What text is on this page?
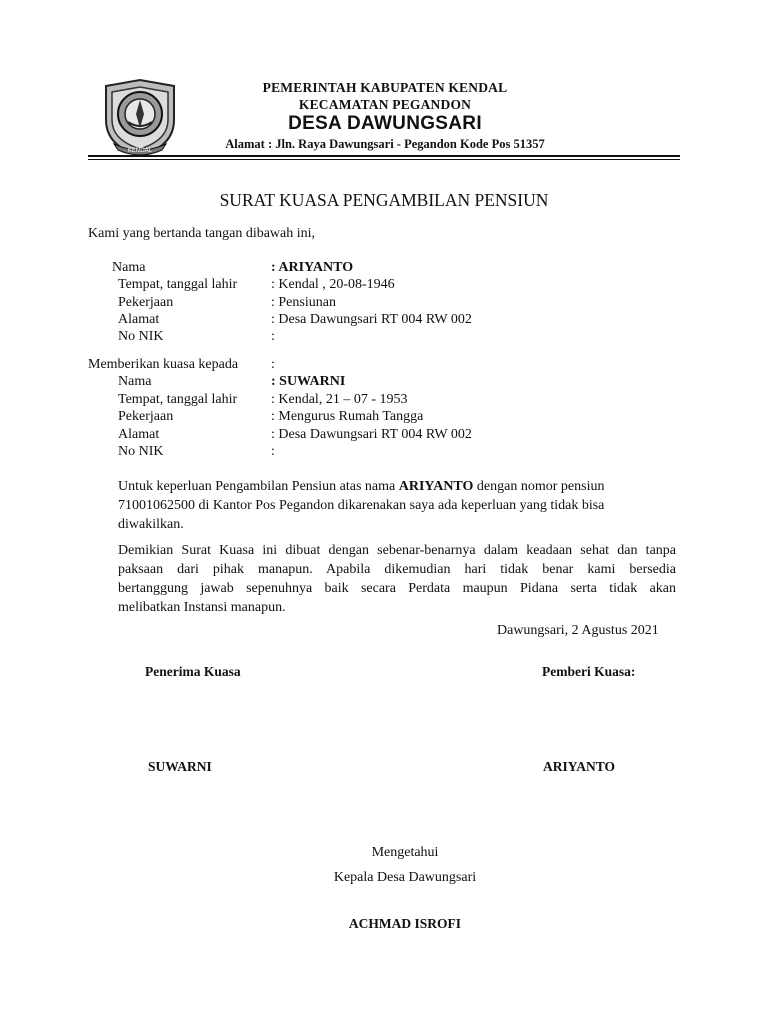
KENDAL
PEMERINTAH KABUPATEN KENDAL
KECAMATAN PEGANDON
DESA DAWUNGSARI
Alamat : Jln. Raya Dawungsari - Pegandon Kode Pos 51357
SURAT KUASA PENGAMBILAN PENSIUN
Kami yang bertanda tangan dibawah ini,
Nama	: ARIYANTO
Tempat, tanggal lahir : Kendal , 20-08-1946
Pekerjaan	: Pensiunan
Alamat	: Desa Dawungsari RT 004 RW 002
No NIK	:
Memberikan kuasa kepada :
Nama	: SUWARNI
Tempat, tanggal lahir : Kendal, 21 – 07 - 1953
Pekerjaan	: Mengurus Rumah Tangga
Alamat	: Desa Dawungsari RT 004 RW 002
No NIK	:
Untuk keperluan Pengambilan Pensiun atas nama ARIYANTO dengan nomor pensiun
71001062500 di Kantor Pos Pegandon dikarenakan saya ada keperluan yang tidak bisa
diwakilkan.
Demikian Surat Kuasa ini dibuat dengan sebenar-benarnya dalam keadaan sehat dan tanpa
paksaan dari pihak manapun. Apabila dikemudian hari tidak benar kami bersedia
bertanggung jawab sepenuhnya baik secara Perdata maupun Pidana serta tidak akan
melibatkan Instansi manapun.
Dawungsari, 2 Agustus 2021
Penerima Kuasa	Pemberi Kuasa:
SUWARNI	ARIYANTO
Mengetahui
Kepala Desa Dawungsari
ACHMAD ISROFI
